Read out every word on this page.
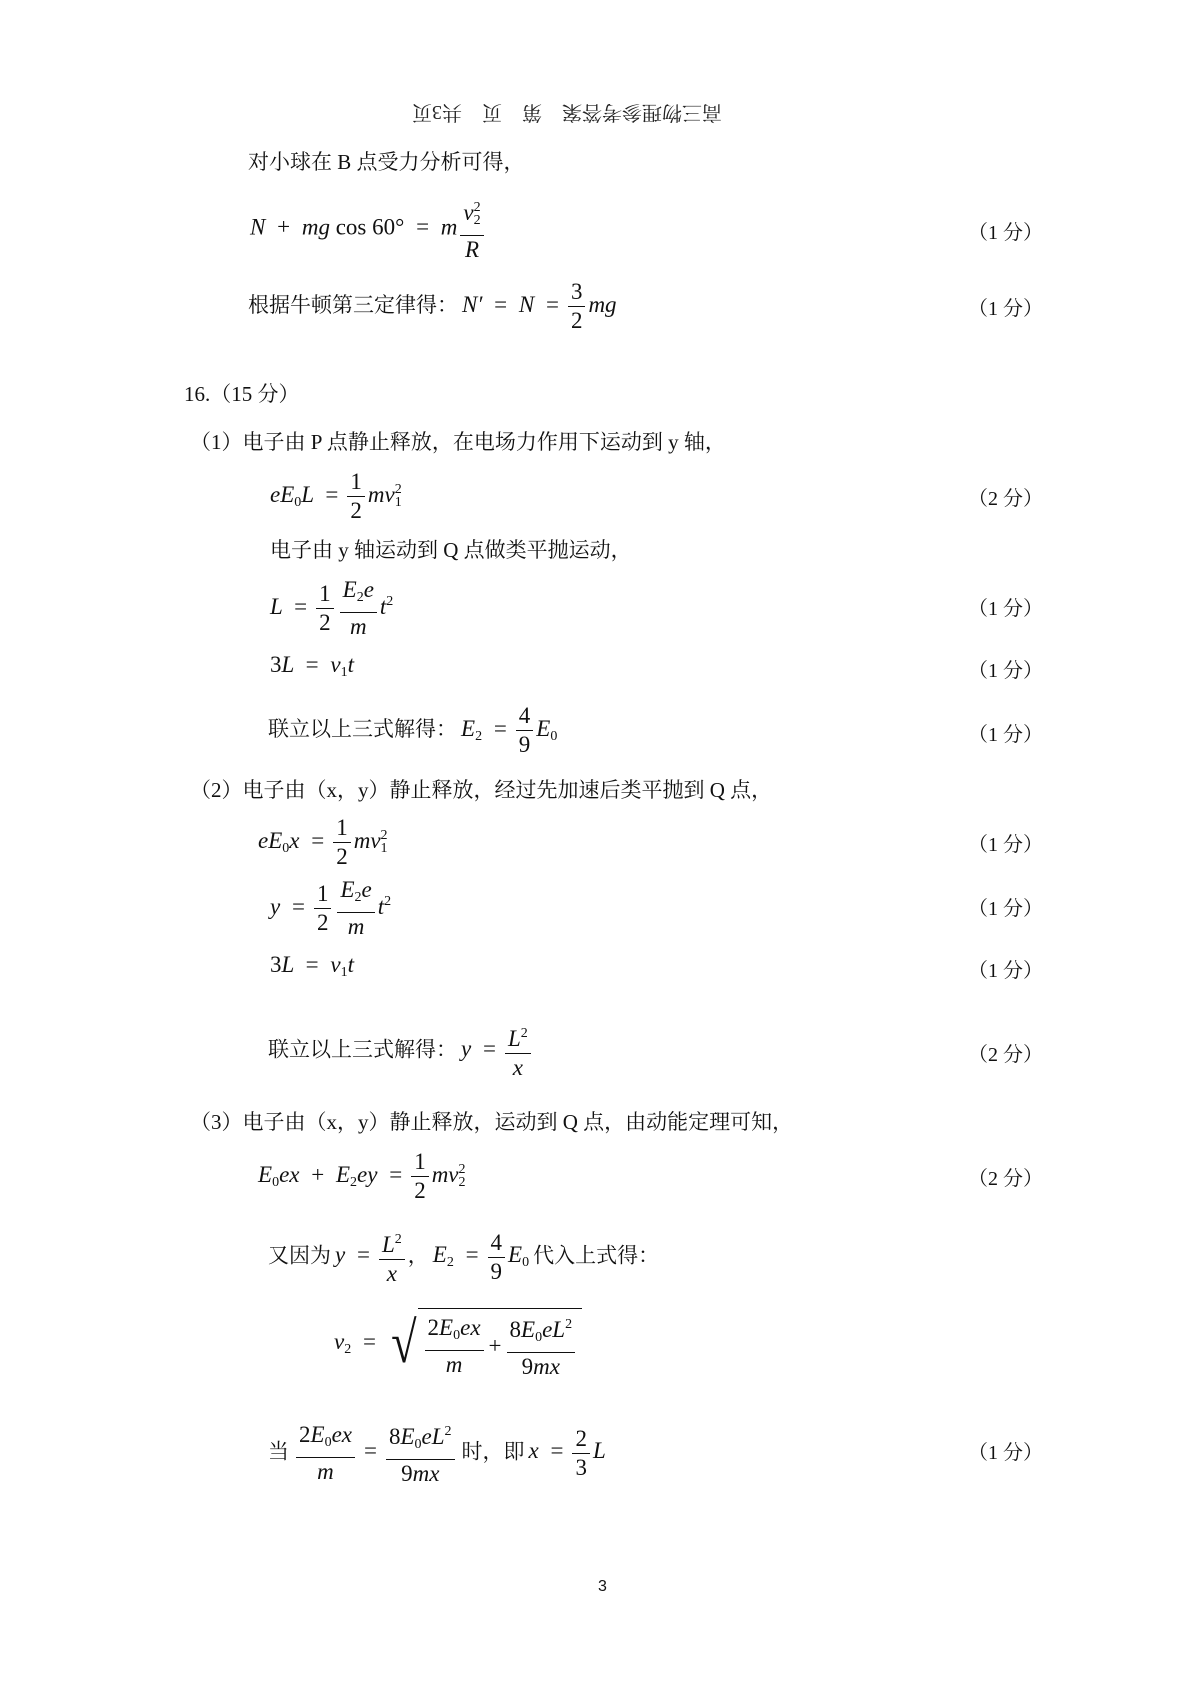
高三物理参考答案　第　页　共3页
对小球在 B 点受力分析可得，
N + mg cos 60° = m $\frac{v_2^2}{R}$	（1 分）
根据牛顿第三定律得： $N' = N = \frac{3}{2}$ mg	（1 分）
16.（15 分）
（1）电子由 P 点静止释放，在电场力作用下运动到 y 轴，
$eE_0L = \frac{1}{2} mv_1^2$	（2 分）
电子由 y 轴运动到 Q 点做类平抛运动，
$L = \frac{1}{2} \frac{E_2e}{m} t^2$	（1 分）
$3L = v_1t$	（1 分）
联立以上三式解得： $E_2 = \frac{4}{9} E_0$	（1 分）
（2）电子由（x，y）静止释放，经过先加速后类平抛到 Q 点，
$eE_0x = \frac{1}{2} mv_1^2$	（1 分）
$y = \frac{1}{2} \frac{E_2e}{m} t^2$	（1 分）
$3L = v_1t$	（1 分）
联立以上三式解得： $y = \frac{L^2}{x}$	（2 分）
（3）电子由（x，y）静止释放，运动到 Q 点，由动能定理可知，
$E_0ex + E_2ey = \frac{1}{2} mv_2^2$	（2 分）
又因为 $y = \frac{L^2}{x}$ ， $E_2 = \frac{4}{9} E_0$ 代入上式得：
$v_2$ = √ $\frac{2E_0ex}{m} + \frac{8E_0eL^2}{9mx}$
当 $\frac{2E_0ex}{m} = \frac{8E_0eL^2}{9mx}$ 时，即 $x = \frac{2}{3}$ L	（1 分）
3
